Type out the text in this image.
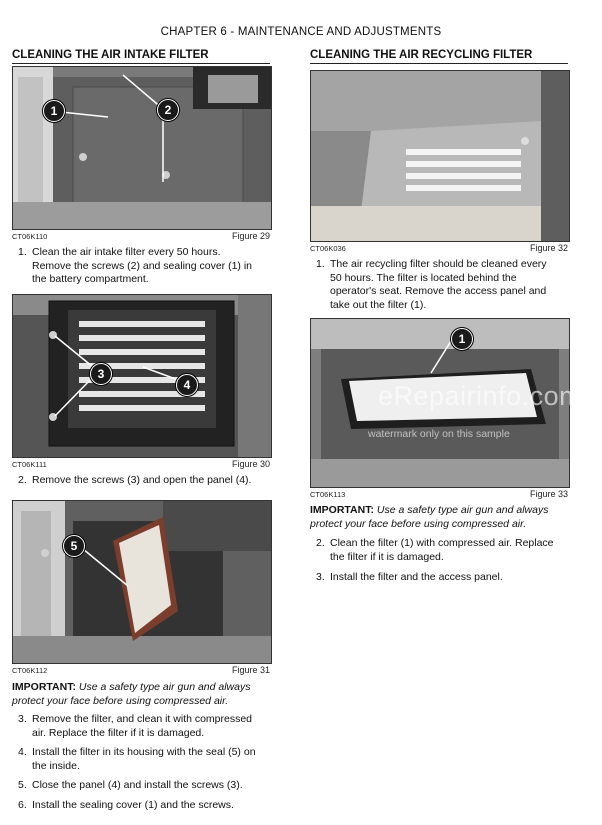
CHAPTER 6 - MAINTENANCE AND ADJUSTMENTS
CLEANING THE AIR INTAKE FILTER
1	2
CT06K110	Figure 29
1. Clean the air intake filter every 50 hours.
Remove the screws (2) and sealing cover (1) in
the battery compartment.
3
4
CT06K111	Figure 30
2. Remove the screws (3) and open the panel (4).
5
CT06K112	Figure 31
IMPORTANT: Use a safety type air gun and always
protect your face before using compressed air.
3. Remove the filter, and clean it with compressed
air. Replace the filter if it is damaged.
4. Install the filter in its housing with the seal (5) on
the inside.
5. Close the panel (4) and install the screws (3).
6. Install the sealing cover (1) and the screws.
CLEANING THE AIR RECYCLING FILTER
CT06K036	Figure 32
1. The air recycling filter should be cleaned every
50 hours. The filter is located behind the
operator's seat. Remove the access panel and
take out the filter (1).
1
CT06K113	Figure 33
IMPORTANT: Use a safety type air gun and always
protect your face before using compressed air.
2. Clean the filter (1) with compressed air. Replace
the filter if it is damaged.
3. Install the filter and the access panel.
eRepairinfo.com
watermark only on this sample
